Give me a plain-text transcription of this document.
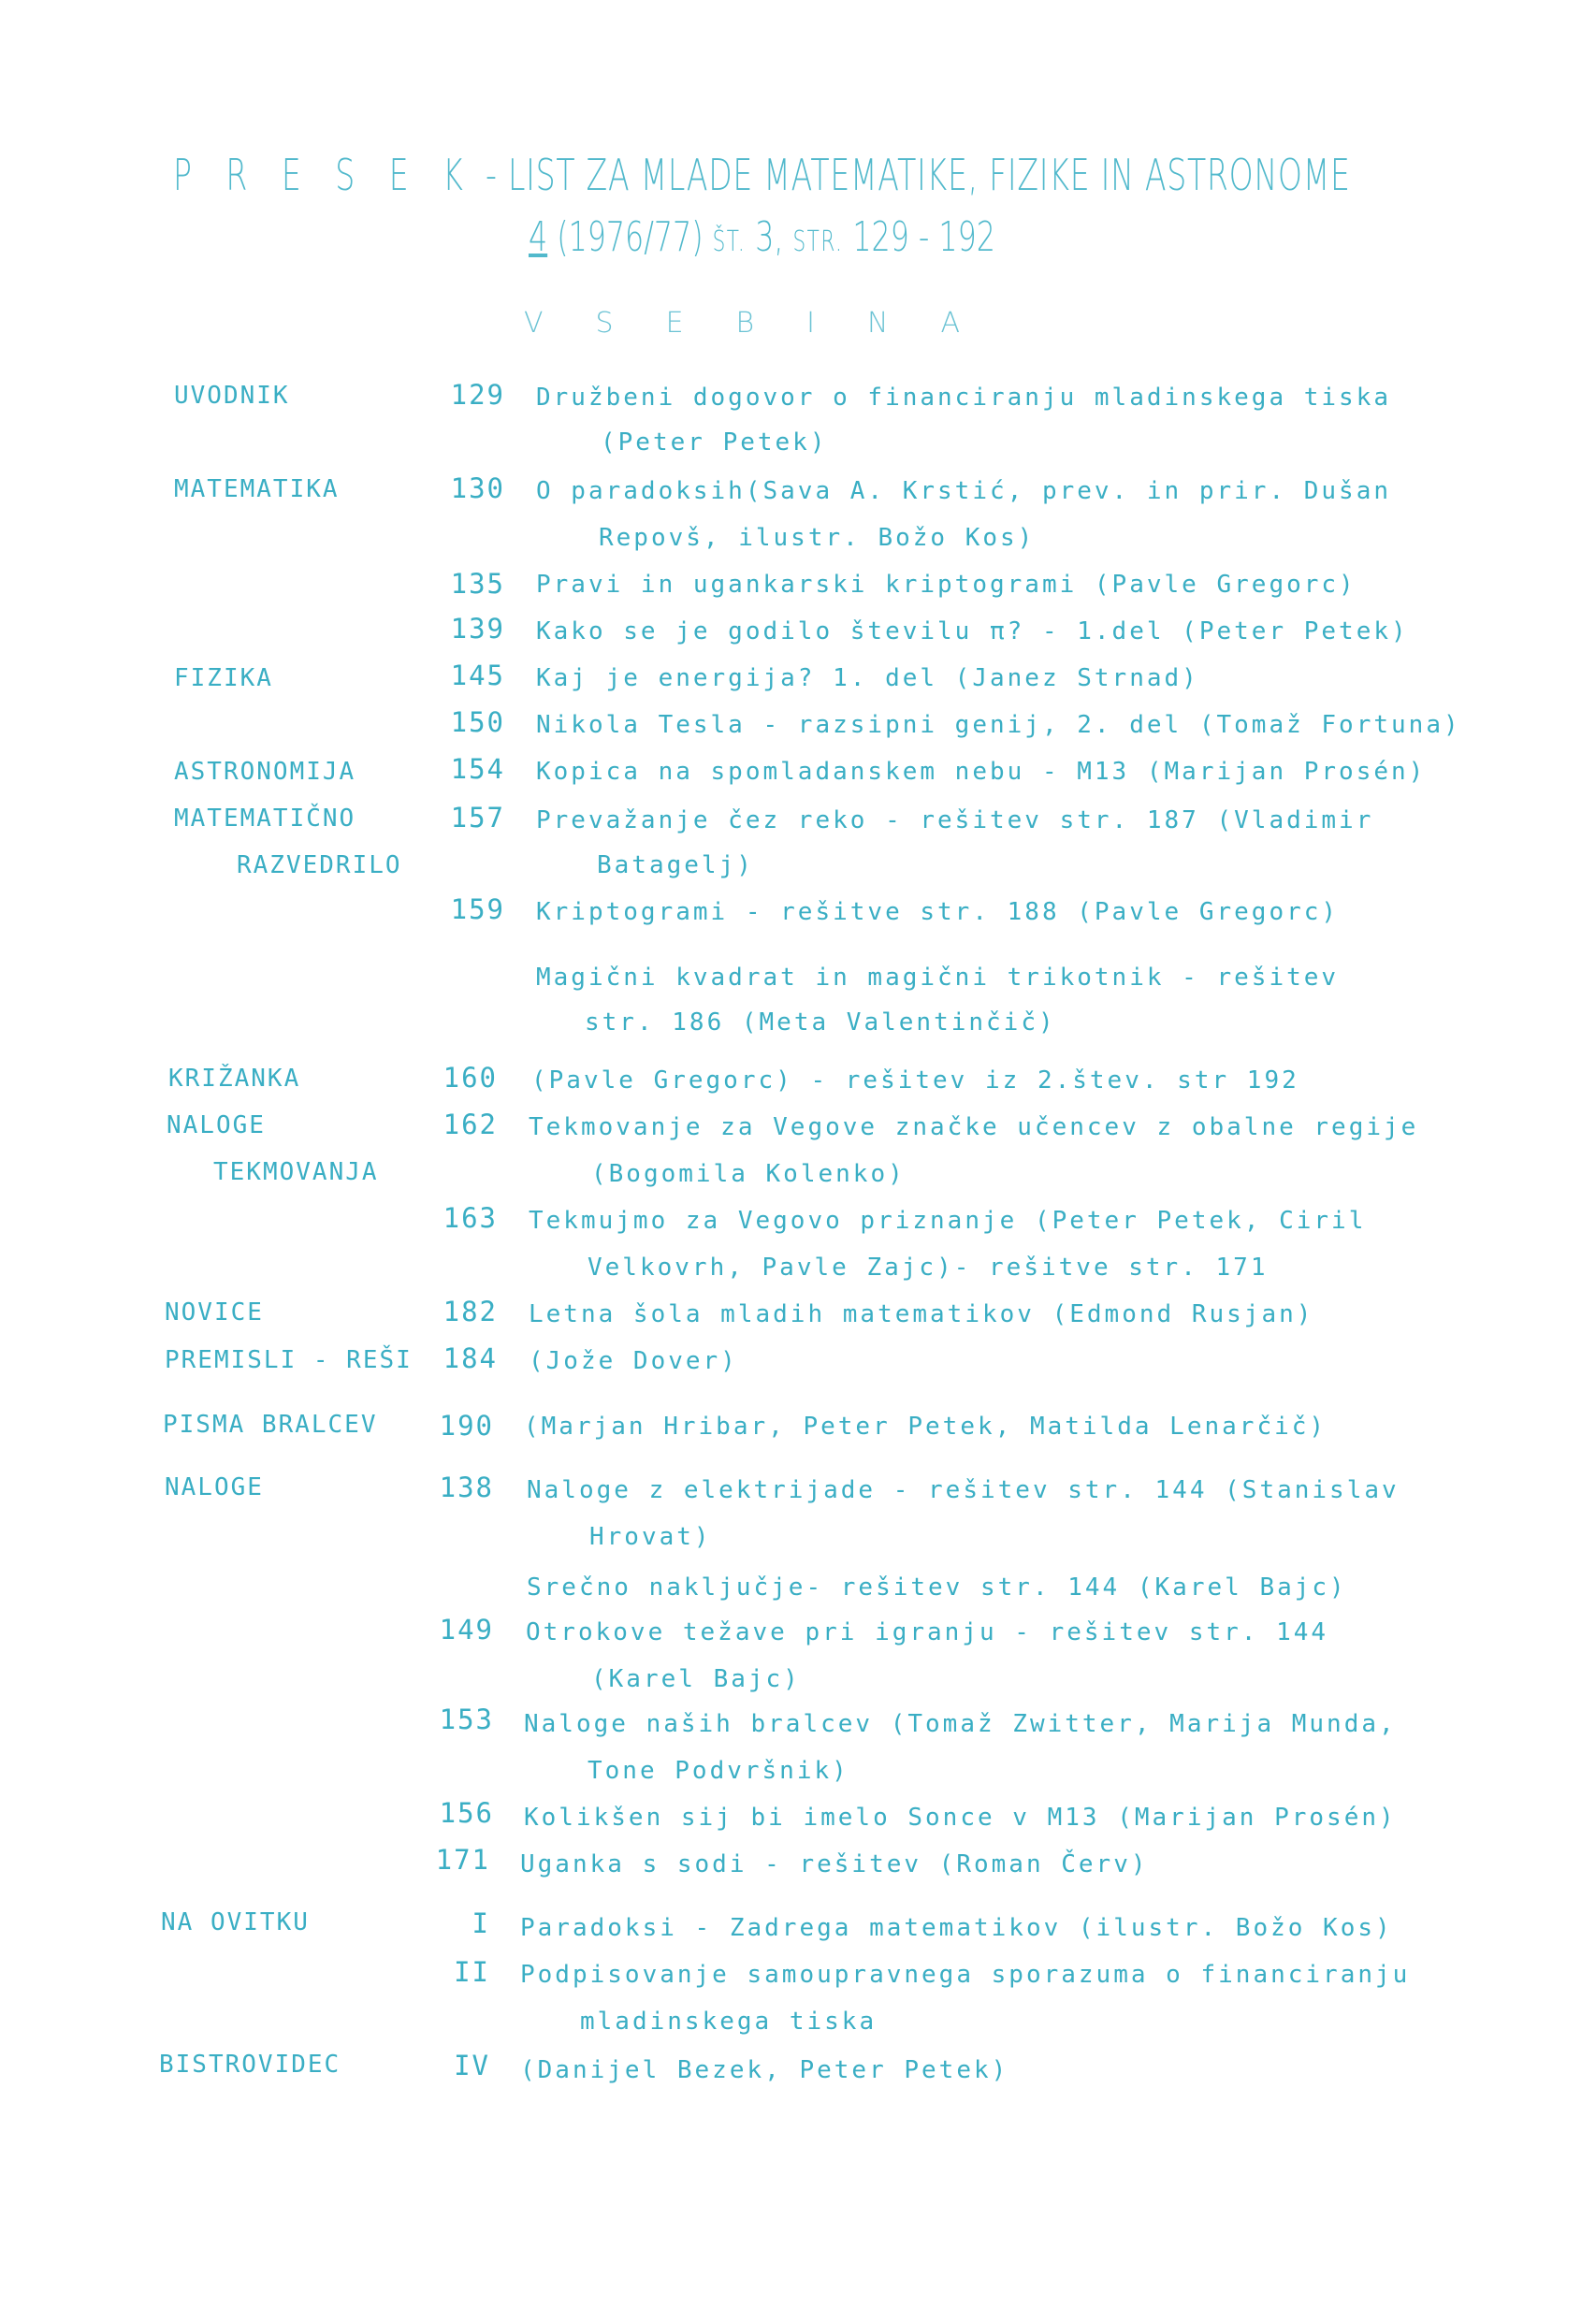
P R E S E K - LIST ZA MLADE MATEMATIKE, FIZIKE IN ASTRONOME
4 (1976/77) ŠT. 3, STR. 129 - 192
VSEBINA
UVODNIK
MATEMATIKA
FIZIKA
ASTRONOMIJA
MATEMATIČNO
RAZVEDRILO
KRIŽANKA
NALOGE
TEKMOVANJA
NOVICE
PREMISLI - REŠI
PISMA BRALCEV
NALOGE
NA OVITKU
BISTROVIDEC
129
130
135
139
145
150
154
157
159
160
162
163
182
184
190
138
149
153
156
171
I
II
IV
Družbeni dogovor o financiranju mladinskega tiska
(Peter Petek)
O paradoksih(Sava A. Krstić, prev. in prir. Dušan
Repovš, ilustr. Božo Kos)
Pravi in ugankarski kriptogrami (Pavle Gregorc)
Kako se je godilo številu π? - 1.del (Peter Petek)
Kaj je energija? 1. del (Janez Strnad)
Nikola Tesla - razsipni genij, 2. del (Tomaž Fortuna)
Kopica na spomladanskem nebu - M13 (Marijan Prosén)
Prevažanje čez reko - rešitev str. 187 (Vladimir
Batagelj)
Kriptogrami - rešitve str. 188 (Pavle Gregorc)
Magični kvadrat in magični trikotnik - rešitev
str. 186 (Meta Valentinčič)
(Pavle Gregorc) - rešitev iz 2.štev. str 192
Tekmovanje za Vegove značke učencev z obalne regije
(Bogomila Kolenko)
Tekmujmo za Vegovo priznanje (Peter Petek, Ciril
Velkovrh, Pavle Zajc)- rešitve str. 171
Letna šola mladih matematikov (Edmond Rusjan)
(Jože Dover)
(Marjan Hribar, Peter Petek, Matilda Lenarčič)
Naloge z elektrijade - rešitev str. 144 (Stanislav
Hrovat)
Srečno naključje- rešitev str. 144 (Karel Bajc)
Otrokove težave pri igranju - rešitev str. 144
(Karel Bajc)
Naloge naših bralcev (Tomaž Zwitter, Marija Munda,
Tone Podvršnik)
Kolikšen sij bi imelo Sonce v M13 (Marijan Prosén)
Uganka s sodi - rešitev (Roman Červ)
Paradoksi - Zadrega matematikov (ilustr. Božo Kos)
Podpisovanje samoupravnega sporazuma o financiranju
mladinskega tiska
(Danijel Bezek, Peter Petek)
